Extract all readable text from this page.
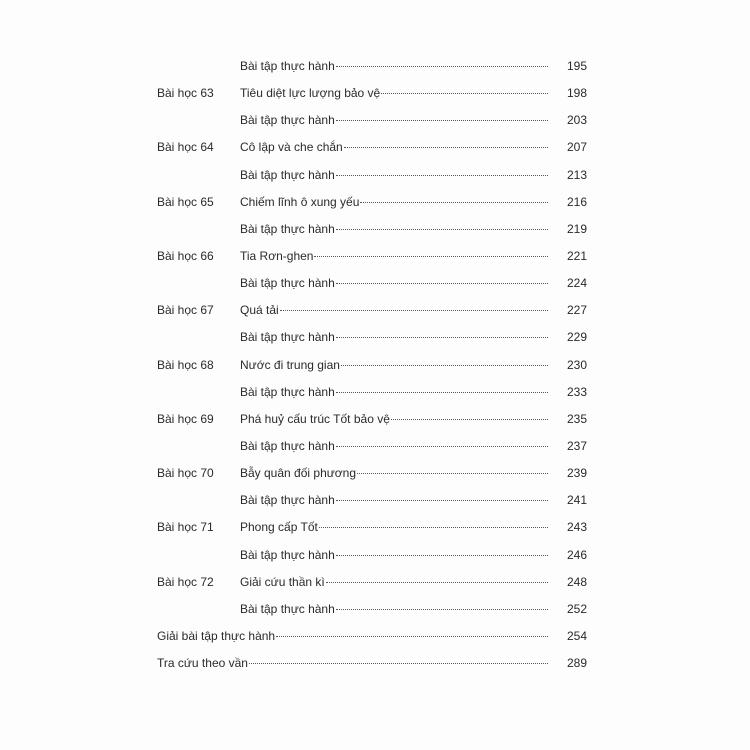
Bài tập thực hành	195
Bài học 63 Tiêu diệt lực lượng bảo vệ	198
Bài tập thực hành	203
Bài học 64 Cô lập và che chắn	207
Bài tập thực hành	213
Bài học 65 Chiếm lĩnh ô xung yếu	216
Bài tập thực hành	219
Bài học 66 Tia Rơn-ghen	221
Bài tập thực hành	224
Bài học 67 Quá tải	227
Bài tập thực hành	229
Bài học 68 Nước đi trung gian	230
Bài tập thực hành	233
Bài học 69 Phá huỷ cấu trúc Tốt bảo vệ	235
Bài tập thực hành	237
Bài học 70 Bẫy quân đối phương	239
Bài tập thực hành	241
Bài học 71 Phong cấp Tốt	243
Bài tập thực hành	246
Bài học 72 Giải cứu thần kì	248
Bài tập thực hành	252
Giải bài tập thực hành	254
Tra cứu theo vần	289
